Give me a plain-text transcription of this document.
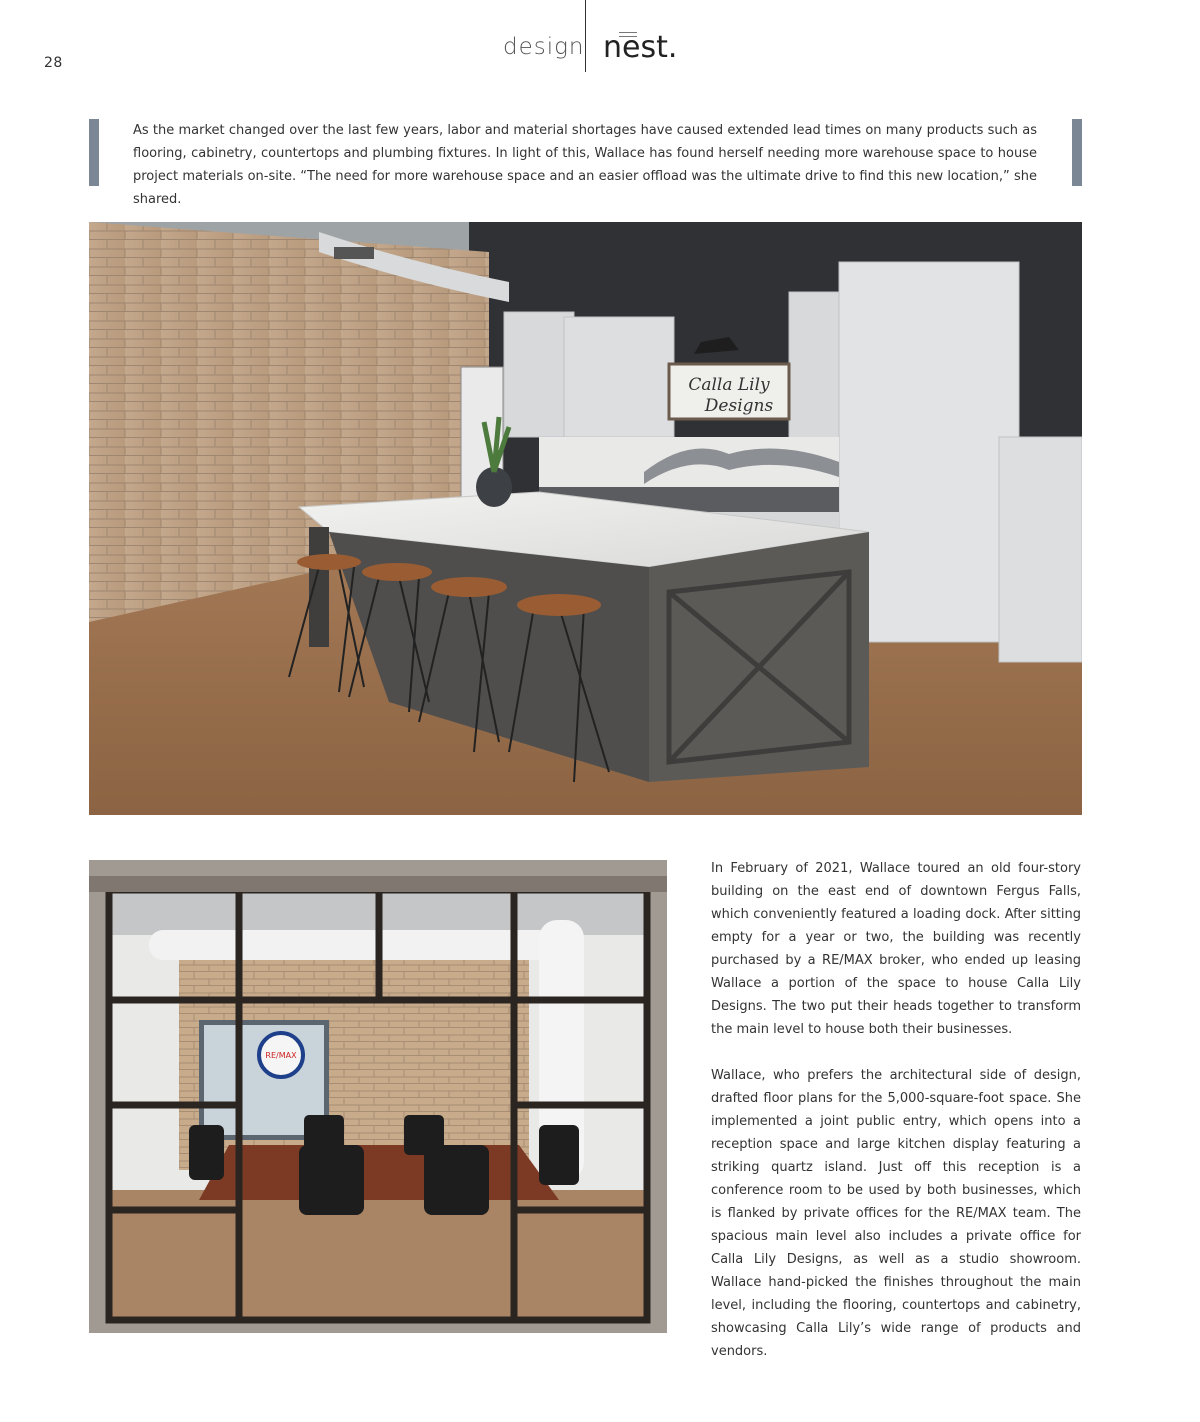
28
design nest.
As the market changed over the last few years, labor and material shortages have caused extended lead times on many products such as flooring, cabinetry, countertops and plumbing fixtures. In light of this, Wallace has found herself needing more warehouse space to house project materials on-site. “The need for more warehouse space and an easier offload was the ultimate drive to find this new location,” she shared.
Calla Lily
Designs
RE/MAX

In February of 2021, Wallace toured an old four-story building on the east end of downtown Fergus Falls, which conveniently featured a loading dock. After sitting empty for a year or two, the building was recently purchased by a RE/MAX broker, who ended up leasing Wallace a portion of the space to house Calla Lily Designs. The two put their heads together to transform the main level to house both their businesses.

Wallace, who prefers the architectural side of design, drafted floor plans for the 5,000-square-foot space. She implemented a joint public entry, which opens into a reception space and large kitchen display featuring a striking quartz island. Just off this reception is a conference room to be used by both businesses, which is flanked by private offices for the RE/MAX team. The spacious main level also includes a private office for Calla Lily Designs, as well as a studio showroom. Wallace hand-picked the finishes throughout the main level, including the flooring, countertops and cabinetry, showcasing Calla Lily’s wide range of products and vendors.
